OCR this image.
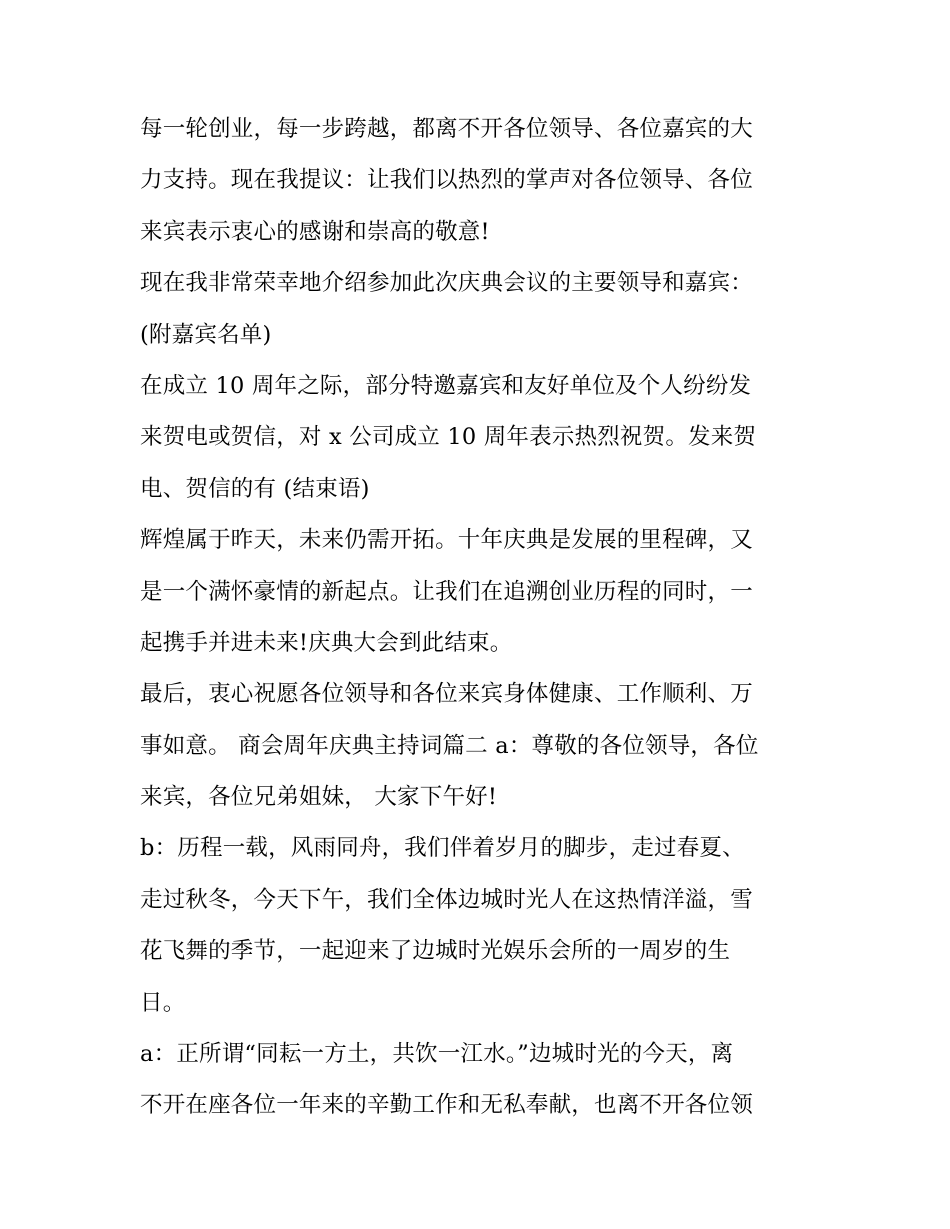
每一轮创业，每一步跨越，都离不开各位领导、各位嘉宾的大
力支持。现在我提议：让我们以热烈的掌声对各位领导、各位
来宾表示衷心的感谢和崇高的敬意!

现在我非常荣幸地介绍参加此次庆典会议的主要领导和嘉宾：
(附嘉宾名单)

在成立 10 周年之际，部分特邀嘉宾和友好单位及个人纷纷发
来贺电或贺信，对 x 公司成立 10 周年表示热烈祝贺。发来贺
电、贺信的有 (结束语)

辉煌属于昨天，未来仍需开拓。十年庆典是发展的里程碑，又
是一个满怀豪情的新起点。让我们在追溯创业历程的同时，一
起携手并进未来!庆典大会到此结束。

最后，衷心祝愿各位领导和各位来宾身体健康、工作顺利、万
事如意。 商会周年庆典主持词篇二 a：尊敬的各位领导，各位
来宾，各位兄弟姐妹， 大家下午好!

b：历程一载，风雨同舟，我们伴着岁月的脚步，走过春夏、
走过秋冬，今天下午，我们全体边城时光人在这热情洋溢，雪
花飞舞的季节，一起迎来了边城时光娱乐会所的一周岁的生
日。

a：正所谓“同耘一方土，共饮一江水。”边城时光的今天，离
不开在座各位一年来的辛勤工作和无私奉献，也离不开各位领
